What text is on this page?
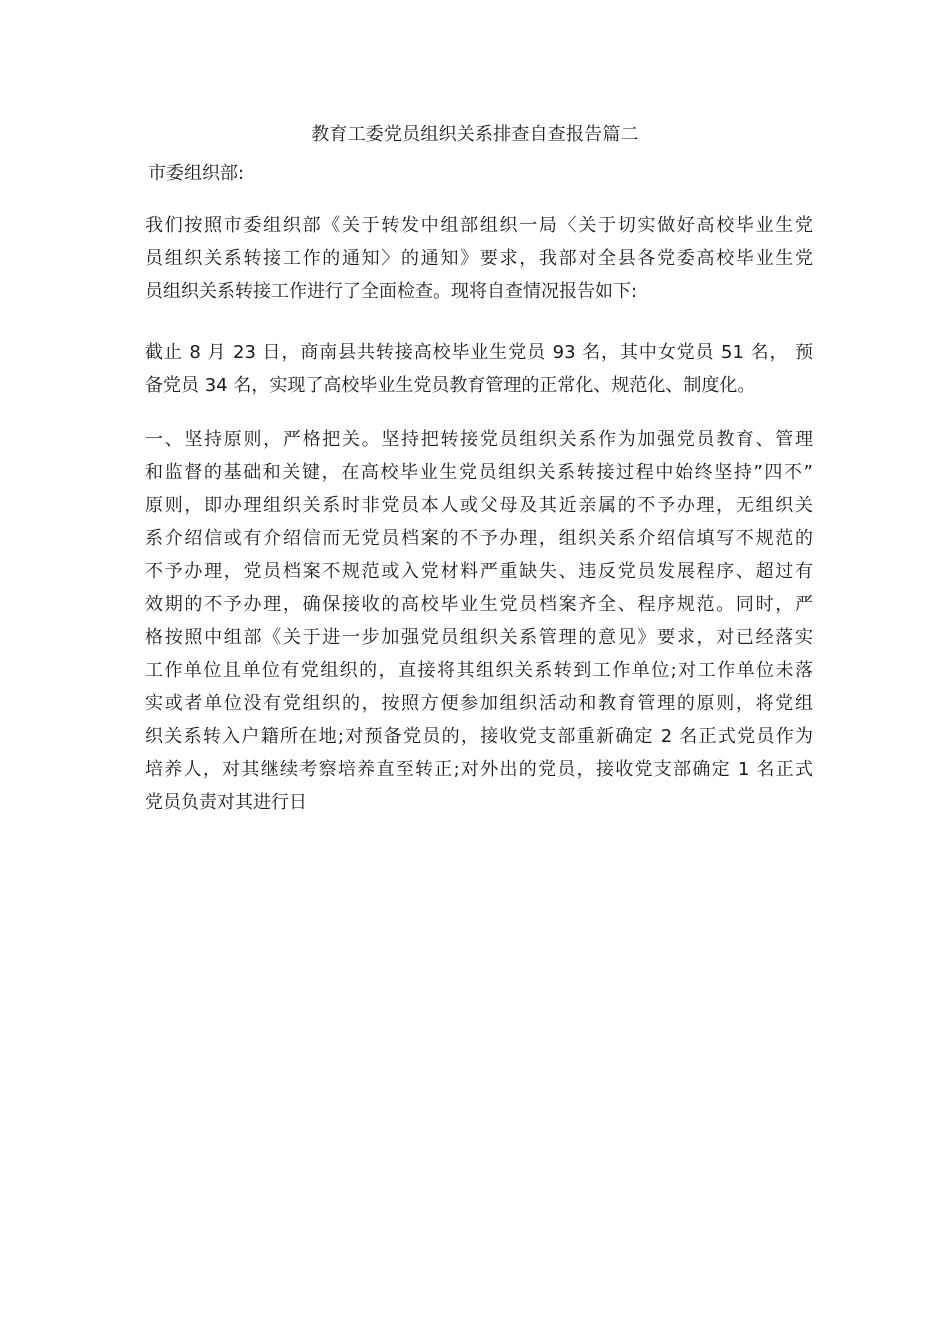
教育工委党员组织关系排查自查报告篇二
市委组织部:

我们按照市委组织部《关于转发中组部组织一局〈关于切实做好高校毕业生党
员组织关系转接工作的通知〉的通知》要求，我部对全县各党委高校毕业生党
员组织关系转接工作进行了全面检查。现将自查情况报告如下:

截止 8 月 23 日，商南县共转接高校毕业生党员 93 名，其中女党员 51 名， 预
备党员 34 名，实现了高校毕业生党员教育管理的正常化、规范化、制度化。

一、坚持原则，严格把关。坚持把转接党员组织关系作为加强党员教育、管理
和监督的基础和关键，在高校毕业生党员组织关系转接过程中始终坚持”四不”
原则，即办理组织关系时非党员本人或父母及其近亲属的不予办理，无组织关
系介绍信或有介绍信而无党员档案的不予办理，组织关系介绍信填写不规范的
不予办理，党员档案不规范或入党材料严重缺失、违反党员发展程序、超过有
效期的不予办理，确保接收的高校毕业生党员档案齐全、程序规范。同时，严
格按照中组部《关于进一步加强党员组织关系管理的意见》要求，对已经落实
工作单位且单位有党组织的，直接将其组织关系转到工作单位;对工作单位未落
实或者单位没有党组织的，按照方便参加组织活动和教育管理的原则，将党组
织关系转入户籍所在地;对预备党员的，接收党支部重新确定 2 名正式党员作为
培养人，对其继续考察培养直至转正;对外出的党员，接收党支部确定 1 名正式
党员负责对其进行日
